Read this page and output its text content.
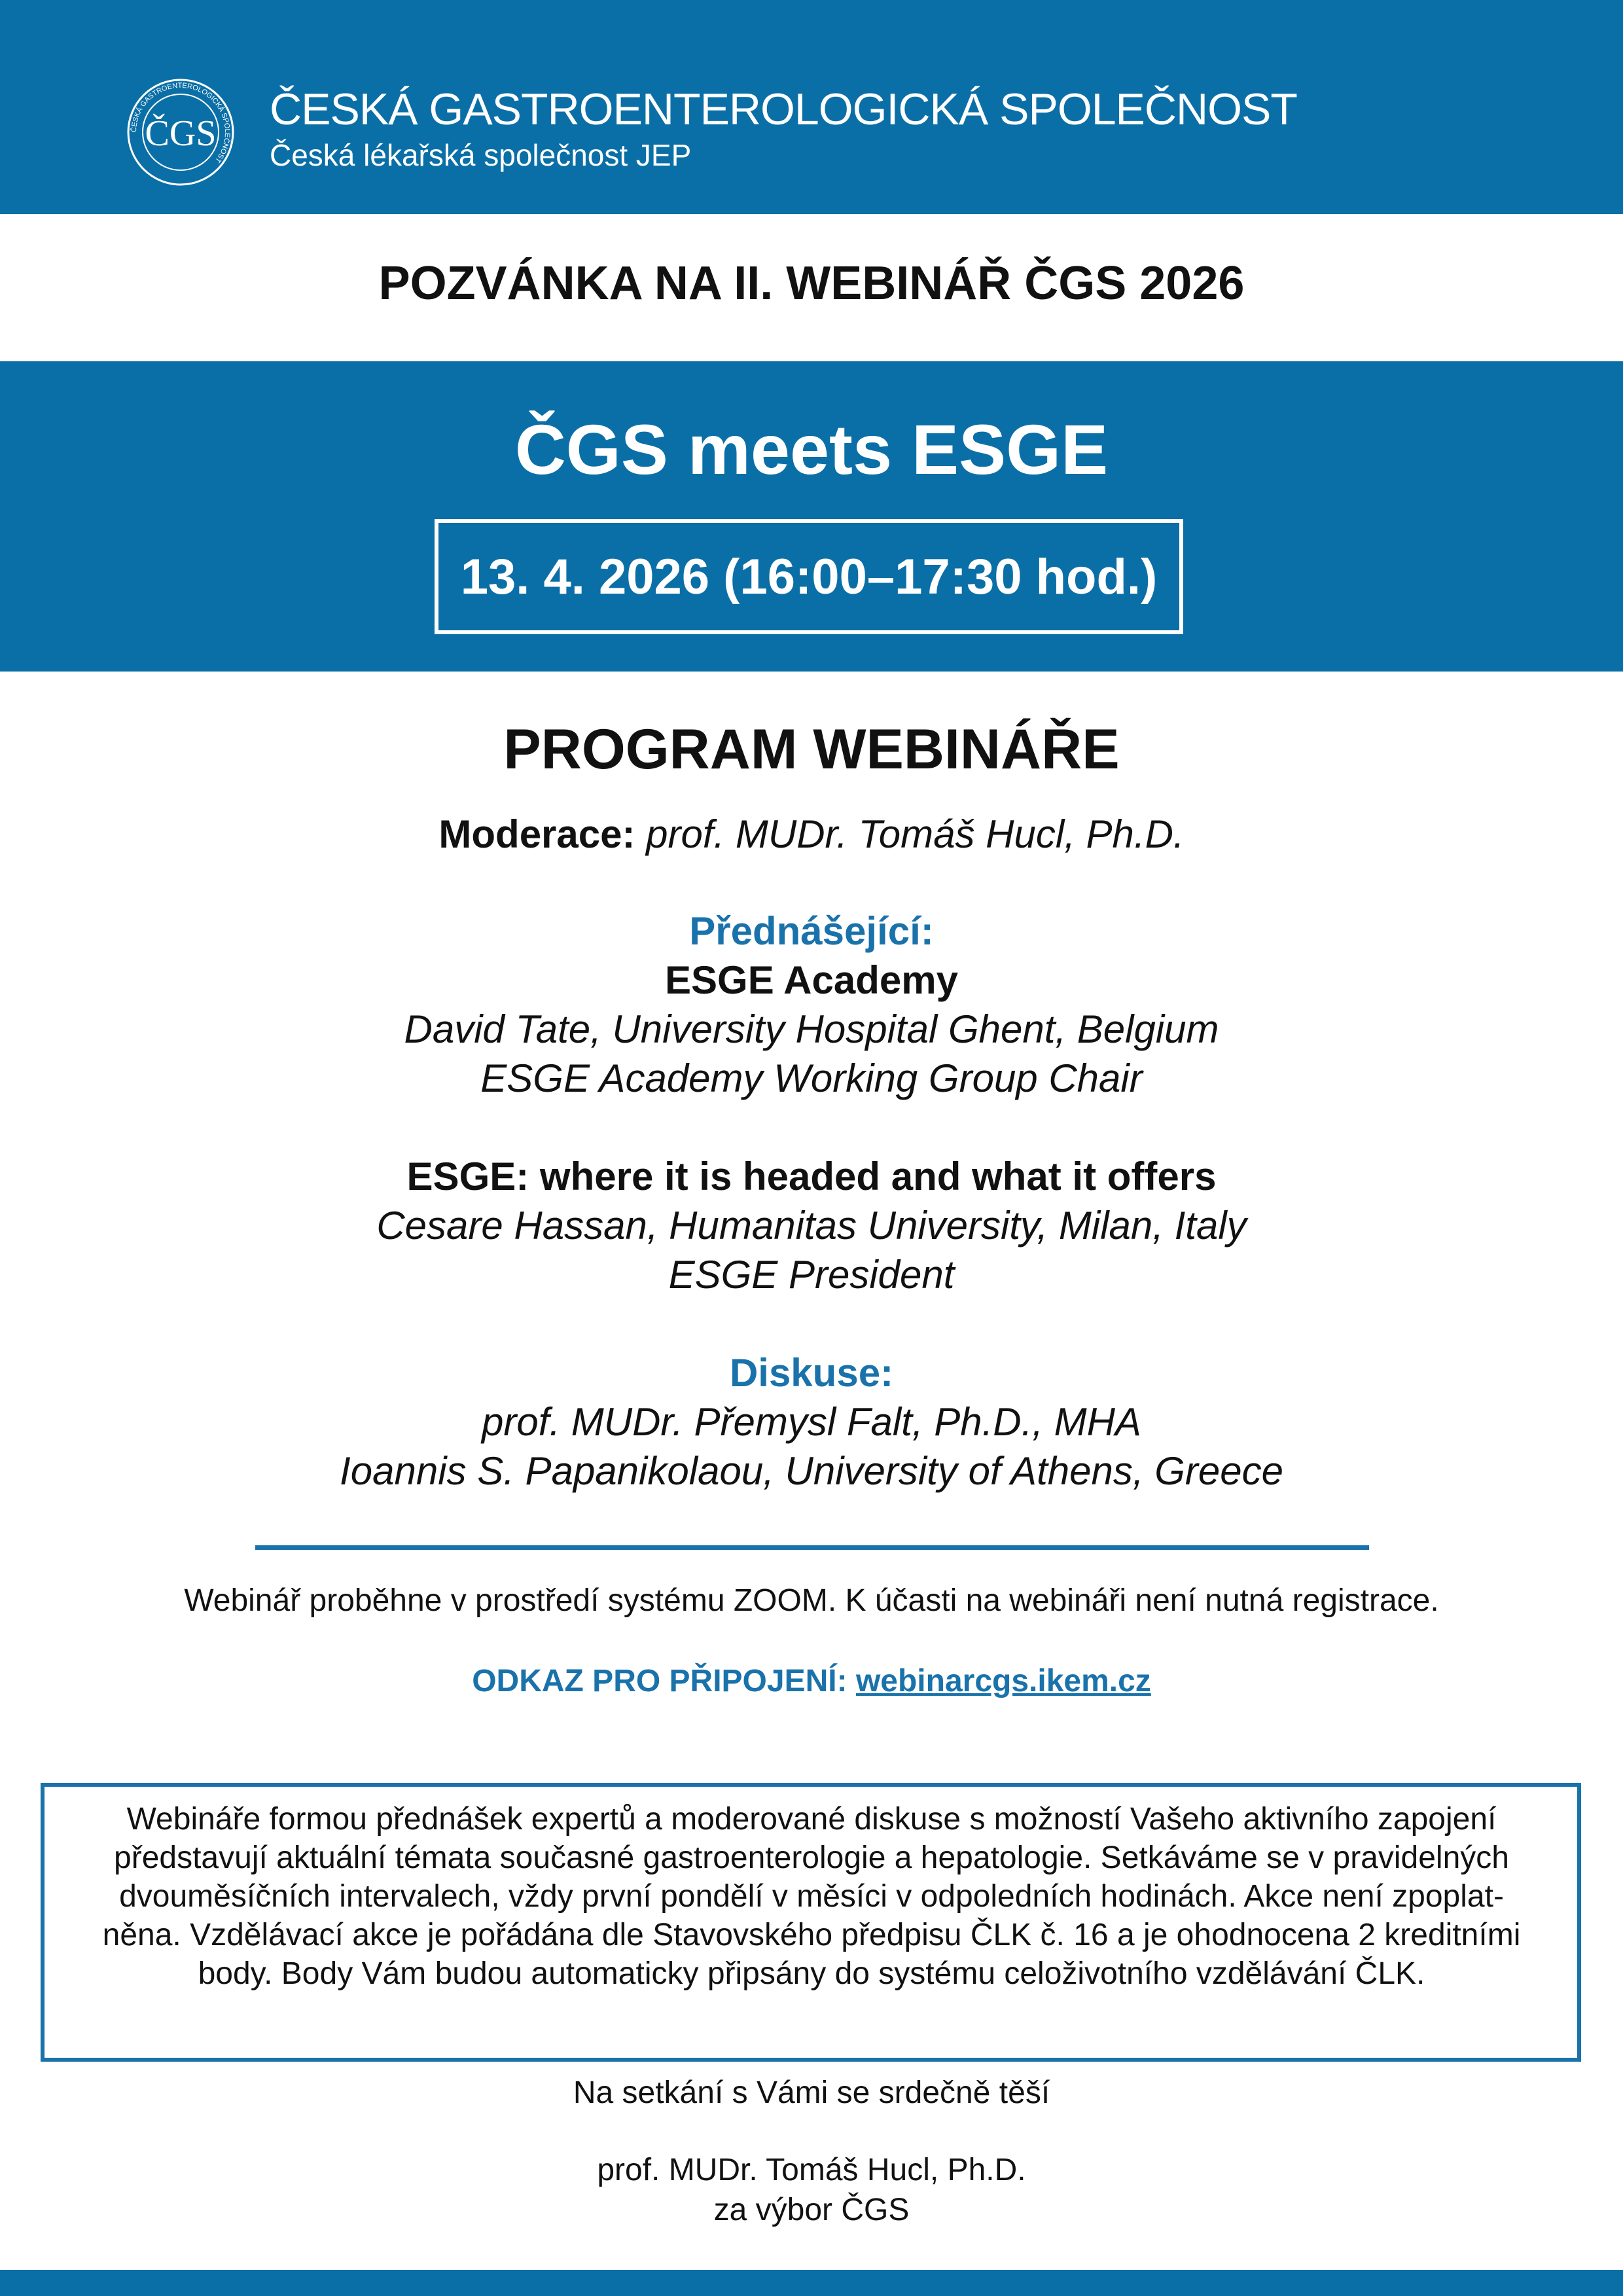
ČESKÁ GASTROENTEROLOGICKÁ SPOLEČNOST
ČGS ČESKÁ GASTROENTEROLOGICKÁ SPOLEČNOST
Česká lékařská společnost JEP
POZVÁNKA NA II. WEBINÁŘ ČGS 2026
ČGS meets ESGE
13. 4. 2026 (16:00–17:30 hod.)
PROGRAM WEBINÁŘE
Moderace: prof. MUDr. Tomáš Hucl, Ph.D.
Přednášející:
ESGE Academy
David Tate, University Hospital Ghent, Belgium
ESGE Academy Working Group Chair
ESGE: where it is headed and what it offers
Cesare Hassan, Humanitas University, Milan, Italy
ESGE President
Diskuse:
prof. MUDr. Přemysl Falt, Ph.D., MHA
Ioannis S. Papanikolaou, University of Athens, Greece
Webinář proběhne v prostředí systému ZOOM. K účasti na webináři není nutná registrace.
ODKAZ PRO PŘIPOJENÍ: webinarcgs.ikem.cz
Webináře formou přednášek expertů a moderované diskuse s možností Vašeho aktivního zapojení
představují aktuální témata současné gastroenterologie a hepatologie. Setkáváme se v pravidelných
dvouměsíčních intervalech, vždy první pondělí v měsíci v odpoledních hodinách. Akce není zpoplat-
něna. Vzdělávací akce je pořádána dle Stavovského předpisu ČLK č. 16 a je ohodnocena 2 kreditními
body. Body Vám budou automaticky připsány do systému celoživotního vzdělávání ČLK.
Na setkání s Vámi se srdečně těší
prof. MUDr. Tomáš Hucl, Ph.D.
za výbor ČGS
